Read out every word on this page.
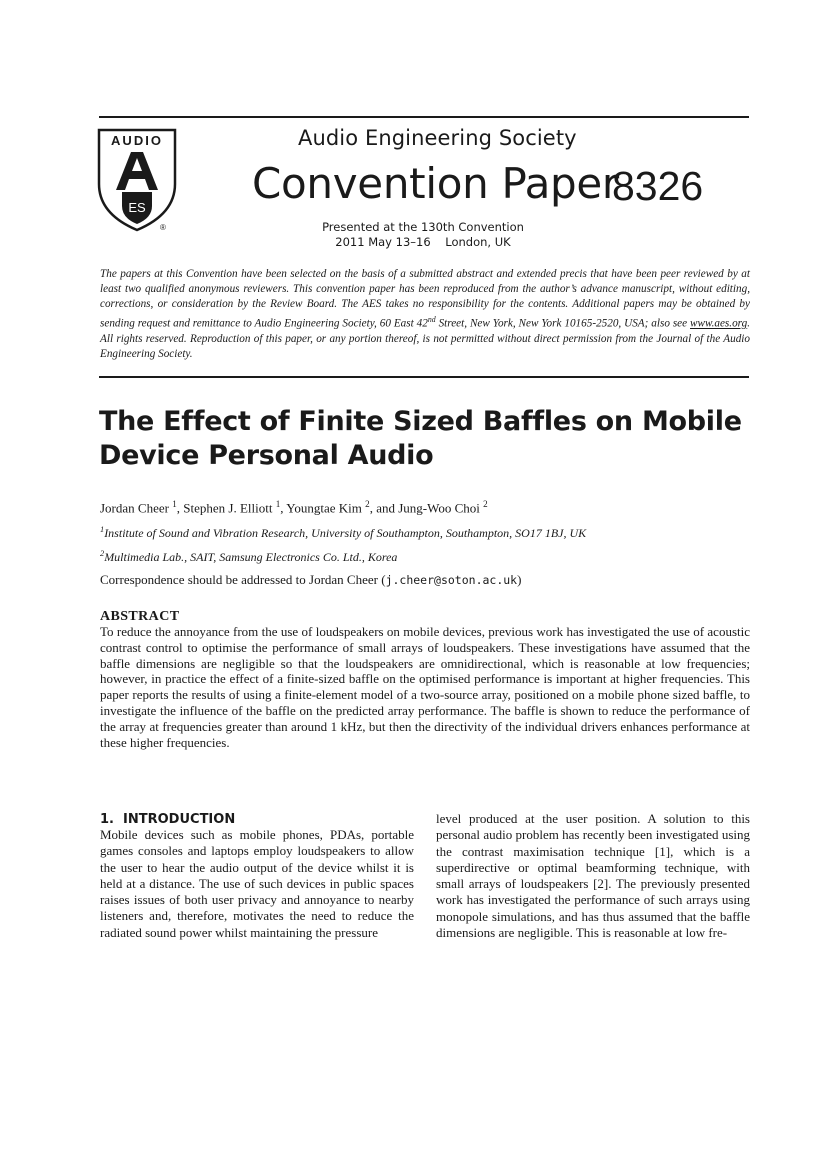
AUDIO
ES
®
Audio Engineering Society
Convention Paper
8326
Presented at the 130th Convention
2011 May 13–16    London, UK
The papers at this Convention have been selected on the basis of a submitted abstract and extended precis that have been peer reviewed by at least two qualified anonymous reviewers. This convention paper has been reproduced from the author’s advance manuscript, without editing, corrections, or consideration by the Review Board. The AES takes no responsibility for the contents. Additional papers may be obtained by sending request and remittance to Audio Engineering Society, 60 East 42nd Street, New York, New York 10165-2520, USA; also see www.aes.org. All rights reserved. Reproduction of this paper, or any portion thereof, is not permitted without direct permission from the Journal of the Audio Engineering Society.
The Effect of Finite Sized Baffles on Mobile
Device Personal Audio
Jordan Cheer $^1$, Stephen J. Elliott $^1$, Youngtae Kim $^2$, and Jung-Woo Choi $^2$
$^1$Institute of Sound and Vibration Research, University of Southampton, Southampton, SO17 1BJ, UK
$^2$Multimedia Lab., SAIT, Samsung Electronics Co. Ltd., Korea
Correspondence should be addressed to Jordan Cheer (j.cheer@soton.ac.uk)
ABSTRACT
To reduce the annoyance from the use of loudspeakers on mobile devices, previous work has investigated the use of acoustic contrast control to optimise the performance of small arrays of loudspeakers. These investigations have assumed that the baffle dimensions are negligible so that the loudspeakers are omnidirectional, which is reasonable at low frequencies; however, in practice the effect of a finite-sized baffle on the optimised performance is important at higher frequencies. This paper reports the results of using a finite-element model of a two-source array, positioned on a mobile phone sized baffle, to investigate the influence of the baffle on the predicted array performance. The baffle is shown to reduce the performance of the array at frequencies greater than around 1 kHz, but then the directivity of the individual drivers enhances performance at these higher frequencies.
1.  INTRODUCTION
Mobile devices such as mobile phones, PDAs, portable games consoles and laptops employ loudspeakers to allow the user to hear the audio output of the device whilst it is held at a distance. The use of such devices in public spaces raises issues of both user privacy and annoyance to nearby listeners and, therefore, motivates the need to reduce the radiated sound power whilst maintaining the pressure
level produced at the user position. A solution to this personal audio problem has recently been investigated using the contrast maximisation technique [1], which is a superdirective or optimal beamforming technique, with small arrays of loudspeakers [2]. The previously presented work has investigated the performance of such arrays using monopole simulations, and has thus assumed that the baffle dimensions are negligible. This is reasonable at low fre-
